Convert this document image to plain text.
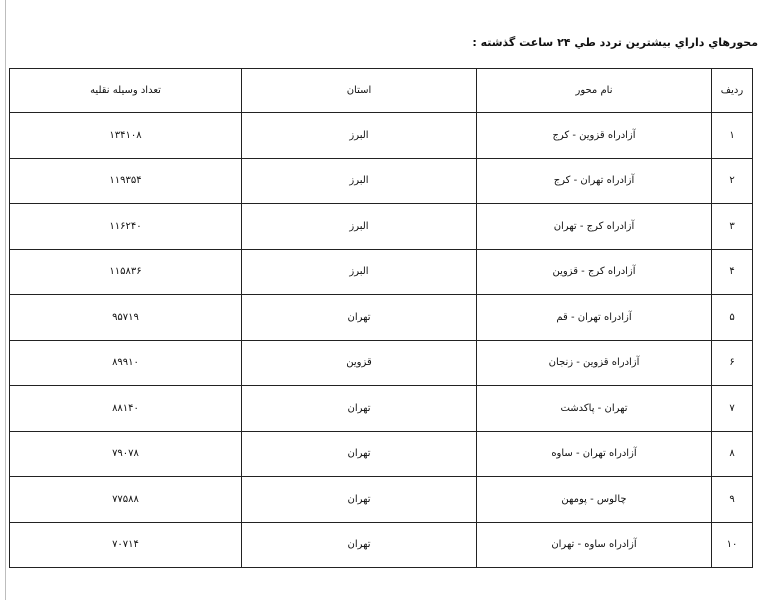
محورهاي داراي بيشترين تردد طي ۲۴ ساعت گذشته :
رديف	نام محور	استان	تعداد وسيله نقليه
۱	آزادراه قزوين - کرج	البرز	۱۳۴۱۰۸
۲	آزادراه تهران - کرج	البرز	۱۱۹۳۵۴
۳	آزادراه کرج - تهران	البرز	۱۱۶۲۴۰
۴	آزادراه کرج - قزوين	البرز	۱۱۵۸۳۶
۵	آزادراه تهران - قم	تهران	۹۵۷۱۹
۶	آزادراه قزوين - زنجان	قزوين	۸۹۹۱۰
۷	تهران - پاکدشت	تهران	۸۸۱۴۰
۸	آزادراه تهران - ساوه	تهران	۷۹۰۷۸
۹	چالوس - پومهن	تهران	۷۷۵۸۸
۱۰	آزادراه ساوه - تهران	تهران	۷۰۷۱۴
